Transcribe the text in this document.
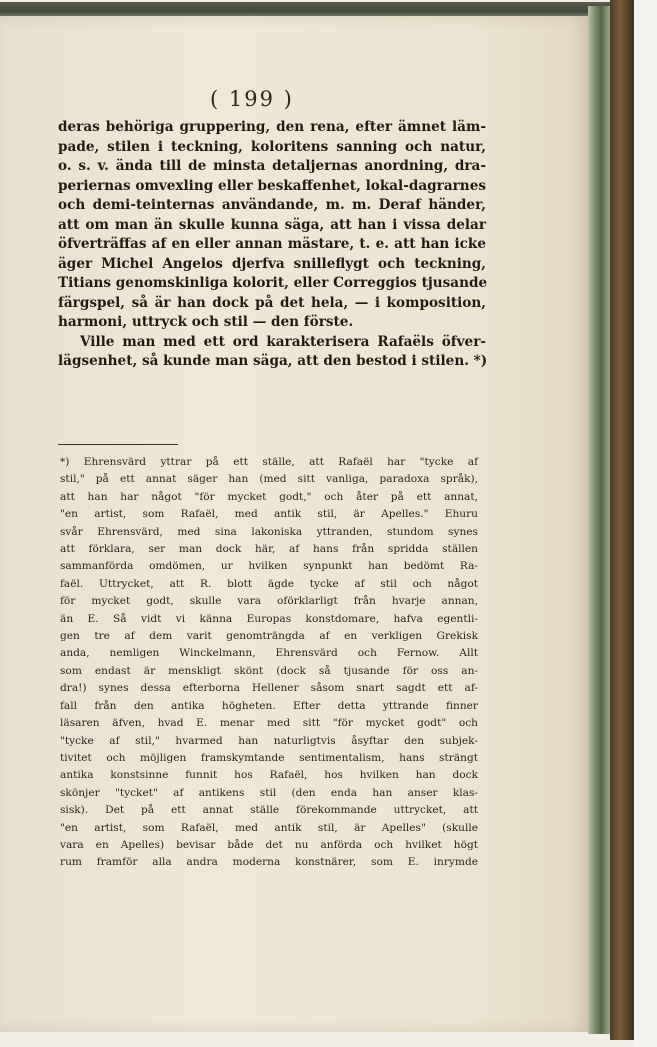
( 199 )
deras behöriga gruppering, den rena, efter ämnet läm-
pade, stilen i teckning, koloritens sanning och natur,
o. s. v. ända till de minsta detaljernas anordning, dra-
periernas omvexling eller beskaffenhet, lokal-dagrarnes
och demi-teinternas användande, m. m. Deraf händer,
att om man än skulle kunna säga, att han i vissa delar
öfverträffas af en eller annan mästare, t. e. att han icke
äger Michel Angelos djerfva snilleflygt och teckning,
Titians genomskinliga kolorit, eller Correggios tjusande
färgspel, så är han dock på det hela, — i komposition,
harmoni, uttryck och stil — den förste.
Ville man med ett ord karakterisera Rafaëls öfver-
lägsenhet, så kunde man säga, att den bestod i stilen. *)
*) Ehrensvärd yttrar på ett ställe, att Rafaël har "tycke af
stil," på ett annat säger han (med sitt vanliga, paradoxa språk),
att han har något "för mycket godt," och åter på ett annat,
"en artist, som Rafaël, med antik stil, är Apelles." Ehuru
svår Ehrensvärd, med sina lakoniska yttranden, stundom synes
att förklara, ser man dock här, af hans från spridda ställen
sammanförda omdömen, ur hvilken synpunkt han bedömt Ra-
faël. Uttrycket, att R. blott ägde tycke af stil och något
för mycket godt, skulle vara oförklarligt från hvarje annan,
än E. Så vidt vi känna Europas konstdomare, hafva egentli-
gen tre af dem varit genomträngda af en verkligen Grekisk
anda, nemligen Winckelmann, Ehrensvärd och Fernow. Allt
som endast är menskligt skönt (dock så tjusande för oss an-
dra!) synes dessa efterborna Hellener såsom snart sagdt ett af-
fall från den antika högheten. Efter detta yttrande finner
läsaren äfven, hvad E. menar med sitt "för mycket godt" och
"tycke af stil," hvarmed han naturligtvis åsyftar den subjek-
tivitet och möjligen framskymtande sentimentalism, hans strängt
antika konstsinne funnit hos Rafaël, hos hvilken han dock
skönjer "tycket" af antikens stil (den enda han anser klas-
sisk). Det på ett annat ställe förekommande uttrycket, att
"en artist, som Rafaël, med antik stil, är Apelles" (skulle
vara en Apelles) bevisar både det nu anförda och hvilket högt
rum framför alla andra moderna konstnärer, som E. inrymde
